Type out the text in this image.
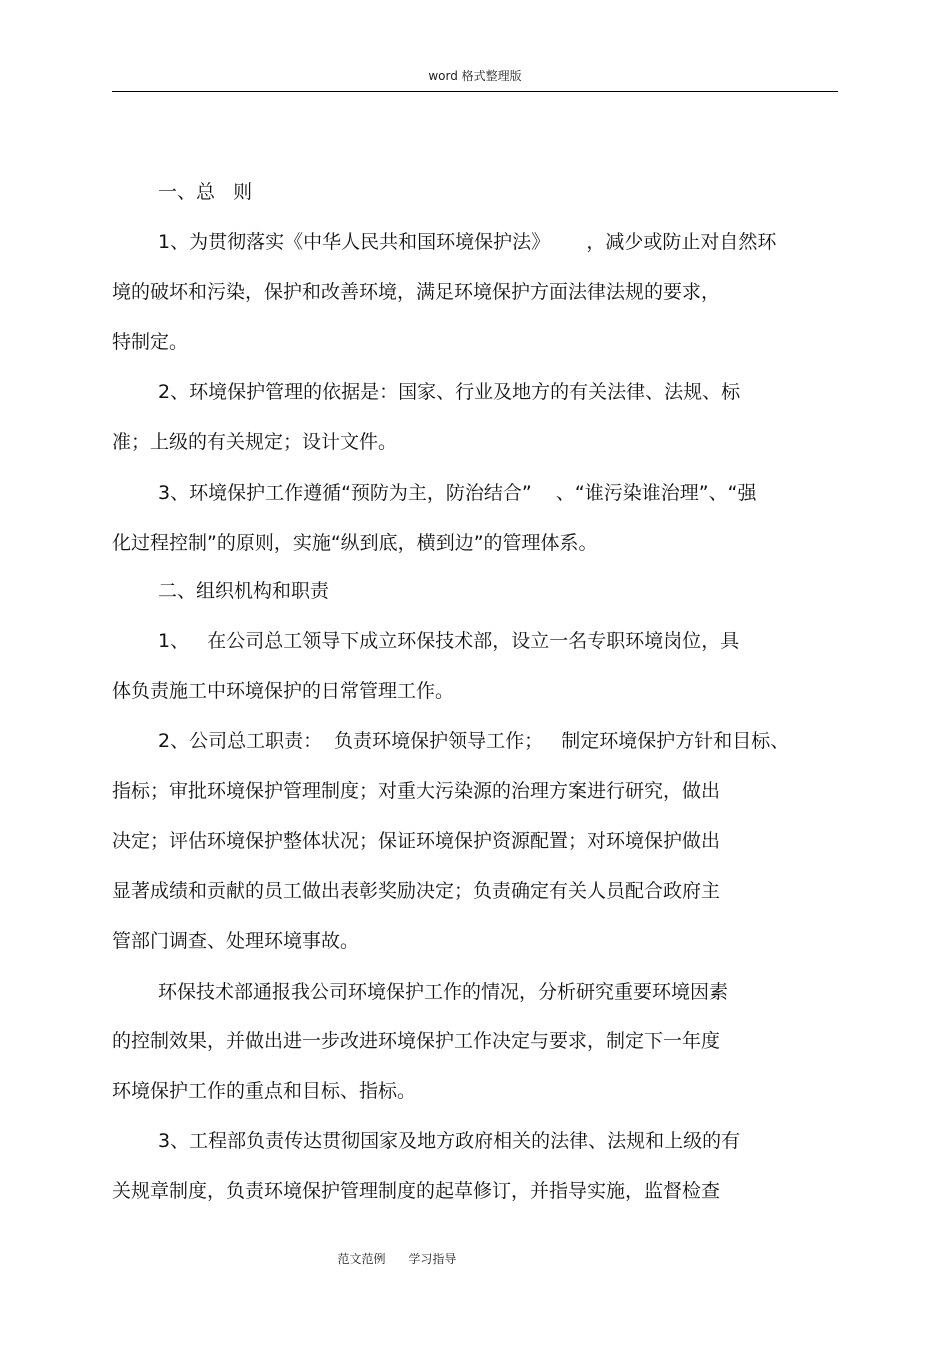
word 格式整理版
一、总   则
1、为贯彻落实《中华人民共和国环境保护法》      ，减少或防止对自然环
境的破坏和污染，保护和改善环境，满足环境保护方面法律法规的要求，
特制定。
2、环境保护管理的依据是：国家、行业及地方的有关法律、法规、标
准；上级的有关规定；设计文件。
3、环境保护工作遵循“预防为主，防治结合”    、“谁污染谁治理”、“强
化过程控制”的原则，实施“纵到底，横到边”的管理体系。
二、组织机构和职责
1、   在公司总工领导下成立环保技术部，设立一名专职环境岗位，具
体负责施工中环境保护的日常管理工作。
2、公司总工职责：  负责环境保护领导工作；   制定环境保护方针和目标、
指标；审批环境保护管理制度；对重大污染源的治理方案进行研究，做出
决定；评估环境保护整体状况；保证环境保护资源配置；对环境保护做出
显著成绩和贡献的员工做出表彰奖励决定；负责确定有关人员配合政府主
管部门调查、处理环境事故。
环保技术部通报我公司环境保护工作的情况，分析研究重要环境因素
的控制效果，并做出进一步改进环境保护工作决定与要求，制定下一年度
环境保护工作的重点和目标、指标。
3、工程部负责传达贯彻国家及地方政府相关的法律、法规和上级的有
关规章制度，负责环境保护管理制度的起草修订，并指导实施，监督检查
范文范例      学习指导
